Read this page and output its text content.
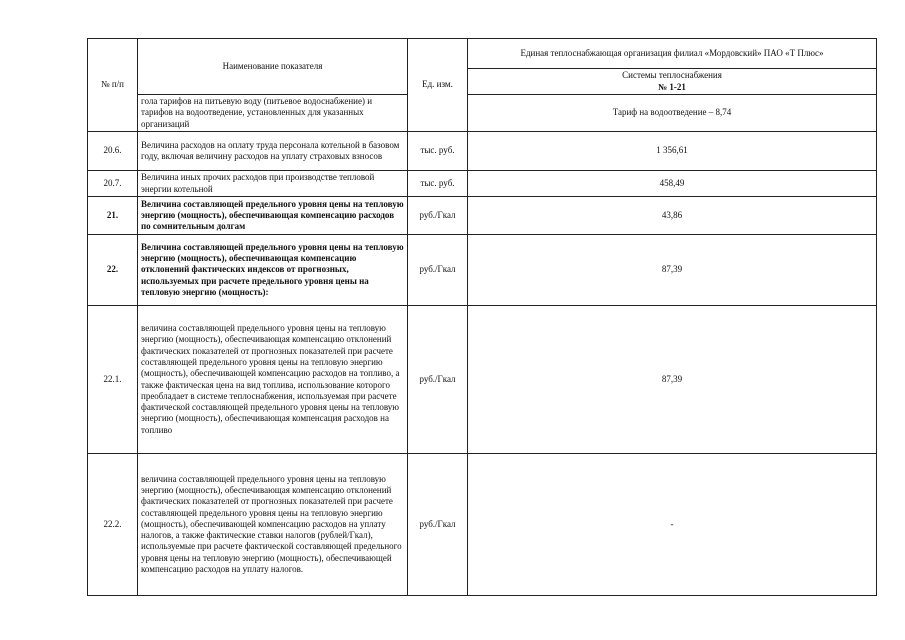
№ п/п	Наименование показателя	Ед. изм.	Единая теплоснабжающая организация филиал «Мордовский» ПАО «Т Плюс»

			Системы теплоснабжения
№ 1-21

	гола тарифов на питьевую воду (питьевое водоснабжение) и тарифов на водоотведение, установленных для указанных организаций		Тариф на водоотведение – 8,74
20.6.	Величина расходов на оплату труда персонала котельной в базовом году, включая величину расходов на уплату страховых взносов	тыс. руб.	1 356,61
20.7.	Величина иных прочих расходов при производстве тепловой энергии котельной	тыс. руб.	458,49
21.	Величина составляющей предельного уровня цены на тепловую энергию (мощность), обеспечивающая компенсацию расходов по сомнительным долгам	руб./Гкал	43,86
22.	Величина составляющей предельного уровня цены на тепловую энергию (мощность), обеспечивающая компенсацию отклонений фактических индексов от прогнозных, используемых при расчете предельного уровня цены на тепловую энергию (мощность):	руб./Гкал	87,39
22.1.	величина составляющей предельного уровня цены на тепловую энергию (мощность), обеспечивающая компенсацию отклонений фактических показателей от прогнозных показателей при расчете составляющей предельного уровня цены на тепловую энергию (мощность), обеспечивающей компенсацию расходов на топливо, а также фактическая цена на вид топлива, использование которого преобладает в системе теплоснабжения, используемая при расчете фактической составляющей предельного уровня цены на тепловую энергию (мощность), обеспечивающая компенсация расходов на топливо	руб./Гкал	87,39
22.2.	величина составляющей предельного уровня цены на тепловую энергию (мощность), обеспечивающая компенсацию отклонений фактических показателей от прогнозных показателей при расчете составляющей предельного уровня цены на тепловую энергию (мощность), обеспечивающей компенсацию расходов на уплату налогов, а также фактические ставки налогов (рублей/Гкал), используемые при расчете фактической составляющей предельного уровня цены на тепловую энергию (мощность), обеспечивающей компенсацию расходов на уплату налогов.	руб./Гкал	-
